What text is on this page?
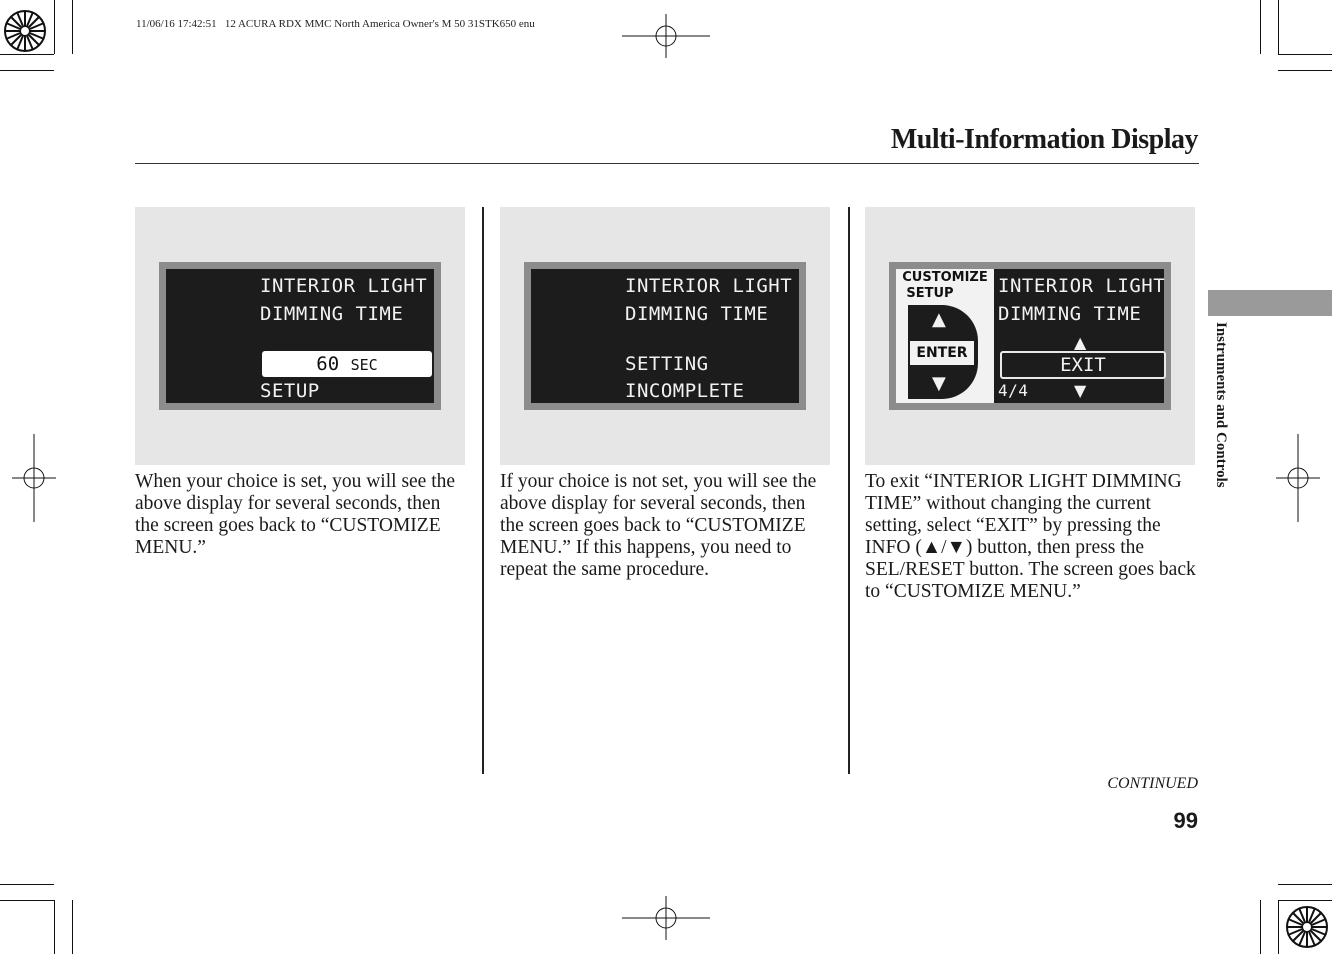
11/06/16 17:42:51   12 ACURA RDX MMC North America Owner's M 50 31STK650 enu
Multi-Information Display
INTERIOR LIGHT
DIMMING TIME
60 SEC
SETUP
INTERIOR LIGHT
DIMMING TIME
SETTING
INCOMPLETE
CUSTOMIZE
SETUP
▲
ENTER
▼
INTERIOR LIGHT
DIMMING TIME
▲
EXIT
4/4	▼
When your choice is set, you will see the above display for several seconds, then the screen goes back to “CUSTOMIZE MENU.”
If your choice is not set, you will see the above display for several seconds, then the screen goes back to “CUSTOMIZE MENU.” If this happens, you need to repeat the same procedure.
To exit “INTERIOR LIGHT DIMMING TIME” without changing the current setting, select “EXIT” by pressing the INFO (▲/▼) button, then press the SEL/RESET button. The screen goes back to “CUSTOMIZE MENU.”
Instruments and Controls
CONTINUED
99
